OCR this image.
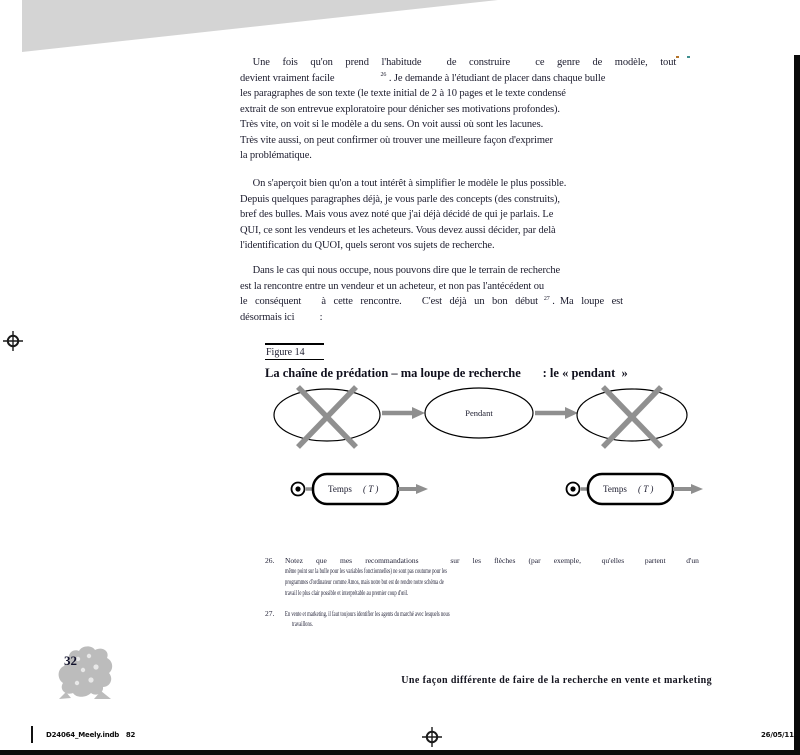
Une     fois     qu'on     prend     l'habitude          de     construire          ce     genre     de     modèle,     tout
devient vraiment facile	$^{26}$ . Je demande à l'étudiant de placer dans chaque bulle
les paragraphes de son texte (le texte initial de 2 à 10 pages et le texte condensé
extrait de son entrevue exploratoire pour dénicher ses motivations profondes).
Très vite, on voit si le modèle a du sens. On voit aussi où sont les lacunes.
Très vite aussi, on peut confirmer où trouver une meilleure façon d'exprimer
la problématique.
On s'aperçoit bien qu'on a tout intérêt à simplifier le modèle le plus possible.
Depuis quelques paragraphes déjà, je vous parle des concepts (des construits),
bref des bulles. Mais vous avez noté que j'ai déjà décidé de qui je parlais. Le
QUI, ce sont les vendeurs et les acheteurs. Vous devez aussi décider, par delà
l'identification du QUOI, quels seront vos sujets de recherche.
Dans le cas qui nous occupe, nous pouvons dire que le terrain de recherche
est la rencontre entre un vendeur et un acheteur, et non pas l'antécédent ou
le   conséquent        à   cette   rencontre.        C'est   déjà   un   bon   début $^{27}$ .  Ma   loupe   est
désormais ici          :
Figure 14
La chaîne de prédation – ma loupe de recherche       : le « pendant  »
Pendant
Temps ( T )	Temps ( T )
26.	Notez       que       mes       recommandations                 sur       les       flèches       (par       exemple,           qu'elles           partent           d'un
même point sur la bulle pour les variables fonctionnelles) ne sont pas coutume pour les
programmes d'ordinateur comme Amos, mais notre but est de rendre notre schéma de
travail le plus clair possible et interprétable au premier coup d'œil.
27.	En vente et marketing, il faut toujours identifier les agents du marché avec lesquels nous
travaillons.
32
Une façon différente de faire de la recherche en vente et marketing
D24064_Meely.indb   82	26/05/11
